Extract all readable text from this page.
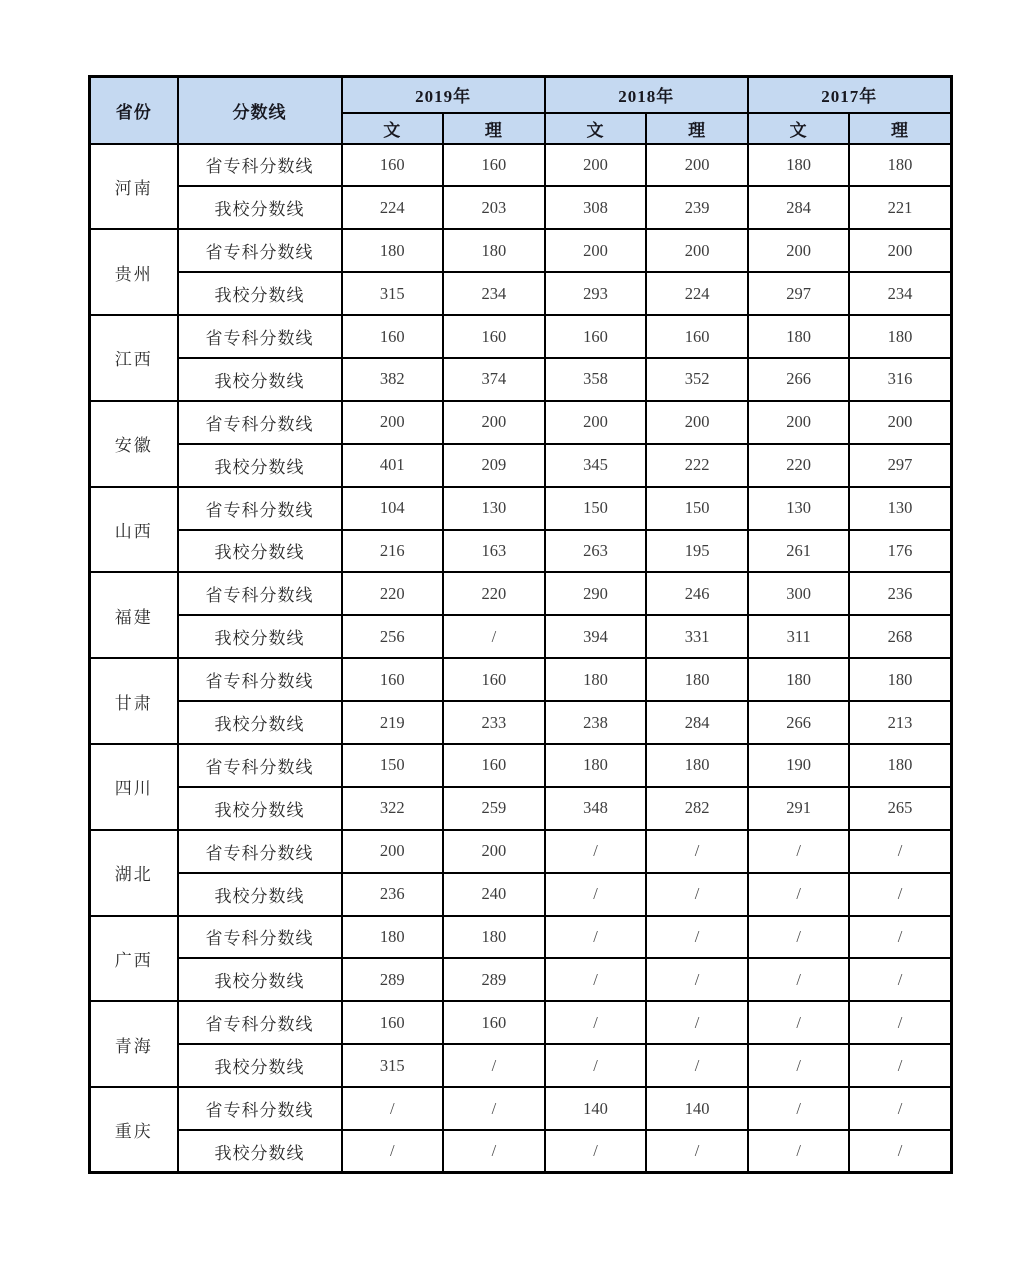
省份	分数线	2019年		2018年		2017年	
		文	理	文	理	文	理
河南	省专科分数线	160	160	200	200	180	180
	我校分数线	224	203	308	239	284	221
贵州	省专科分数线	180	180	200	200	200	200
	我校分数线	315	234	293	224	297	234
江西	省专科分数线	160	160	160	160	180	180
	我校分数线	382	374	358	352	266	316
安徽	省专科分数线	200	200	200	200	200	200
	我校分数线	401	209	345	222	220	297
山西	省专科分数线	104	130	150	150	130	130
	我校分数线	216	163	263	195	261	176
福建	省专科分数线	220	220	290	246	300	236
	我校分数线	256	/	394	331	311	268
甘肃	省专科分数线	160	160	180	180	180	180
	我校分数线	219	233	238	284	266	213
四川	省专科分数线	150	160	180	180	190	180
	我校分数线	322	259	348	282	291	265
湖北	省专科分数线	200	200	/	/	/	/
	我校分数线	236	240	/	/	/	/
广西	省专科分数线	180	180	/	/	/	/
	我校分数线	289	289	/	/	/	/
青海	省专科分数线	160	160	/	/	/	/
	我校分数线	315	/	/	/	/	/
重庆	省专科分数线	/	/	140	140	/	/
	我校分数线	/	/	/	/	/	/
